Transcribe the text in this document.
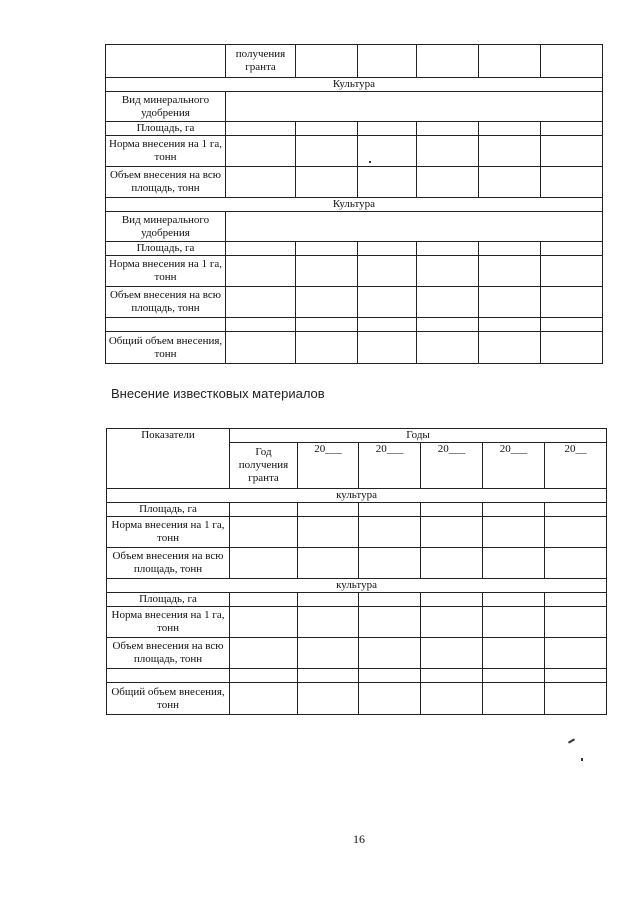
	получения гранта					
Культура						
Вид минерального удобрения						
Площадь, га						
Норма внесения на 1 га, тонн						
Объем внесения на всю площадь, тонн						
Культура						
Вид минерального удобрения						
Площадь, га						
Норма внесения на 1 га, тонн						
Объем внесения на всю площадь, тонн						

Общий объем внесения, тонн						
Внесение известковых материалов
Показатели	Годы					
	Год получения гранта	20___	20___	20___	20___	20__
культура						
Площадь, га						
Норма внесения на 1 га, тонн						
Объем внесения на всю площадь, тонн						
культура						
Площадь, га						
Норма внесения на 1 га, тонн						
Объем внесения на всю площадь, тонн						

Общий объем внесения, тонн						
16
